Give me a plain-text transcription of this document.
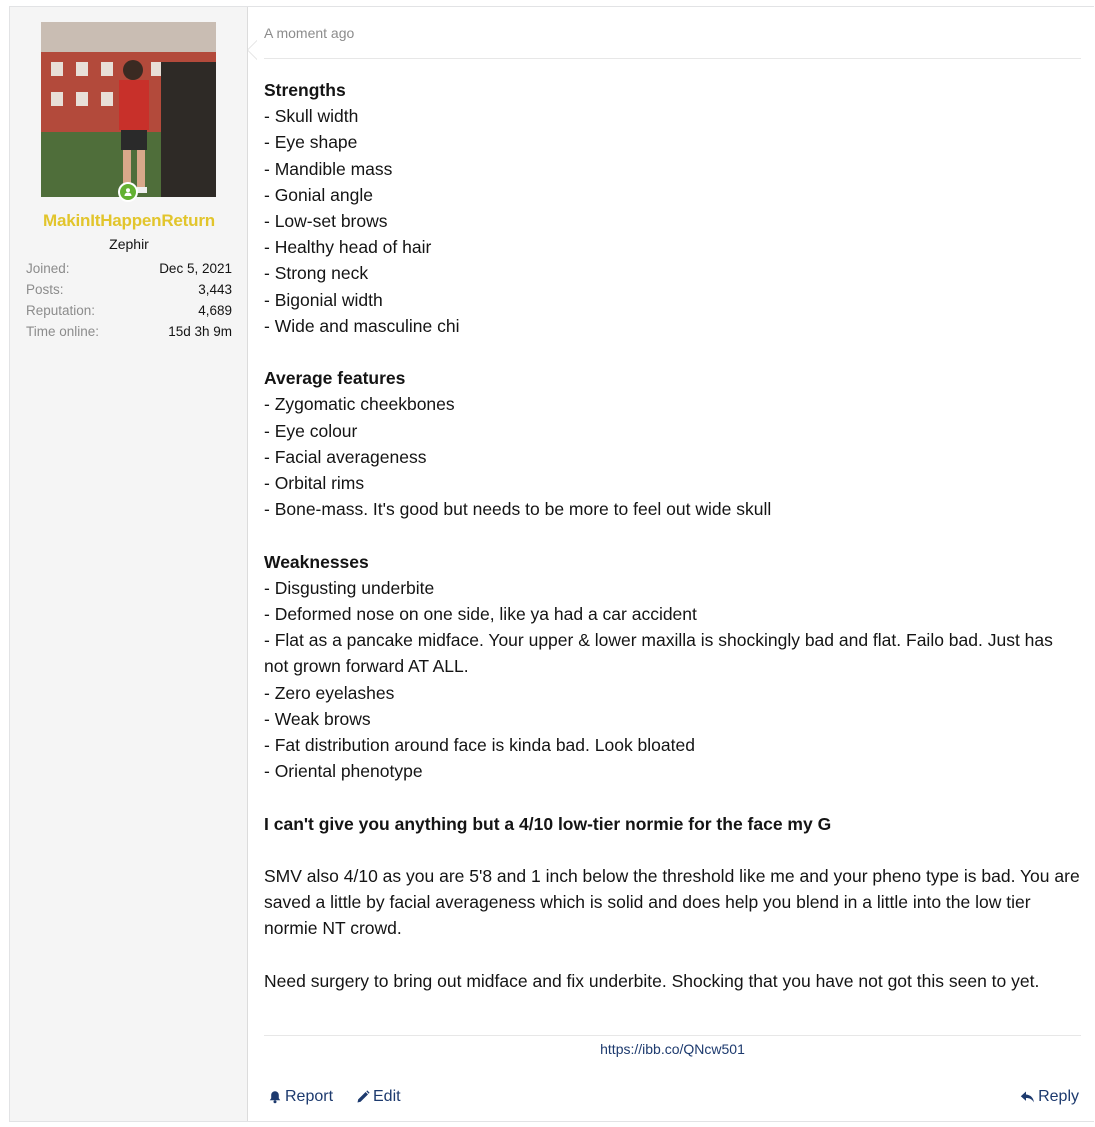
MakinItHappenReturn
Zephir
Joined:	Dec 5, 2021
Posts:	3,443
Reputation:	4,689
Time online:	15d 3h 9m
A moment ago
Strengths
- Skull width
- Eye shape
- Mandible mass
- Gonial angle
- Low-set brows
- Healthy head of hair
- Strong neck
- Bigonial width
- Wide and masculine chi
Average features
- Zygomatic cheekbones
- Eye colour
- Facial averageness
- Orbital rims
- Bone-mass. It's good but needs to be more to feel out wide skull
Weaknesses
- Disgusting underbite
- Deformed nose on one side, like ya had a car accident
- Flat as a pancake midface. Your upper & lower maxilla is shockingly bad and flat. Failo bad. Just has not grown forward AT ALL.
- Zero eyelashes
- Weak brows
- Fat distribution around face is kinda bad. Look bloated
- Oriental phenotype
I can't give you anything but a 4/10 low-tier normie for the face my G
SMV also 4/10 as you are 5'8 and 1 inch below the threshold like me and your pheno type is bad. You are saved a little by facial averageness which is solid and does help you blend in a little into the low tier normie NT crowd.
Need surgery to bring out midface and fix underbite. Shocking that you have not got this seen to yet.
https://ibb.co/QNcw501
Report Edit	Reply
